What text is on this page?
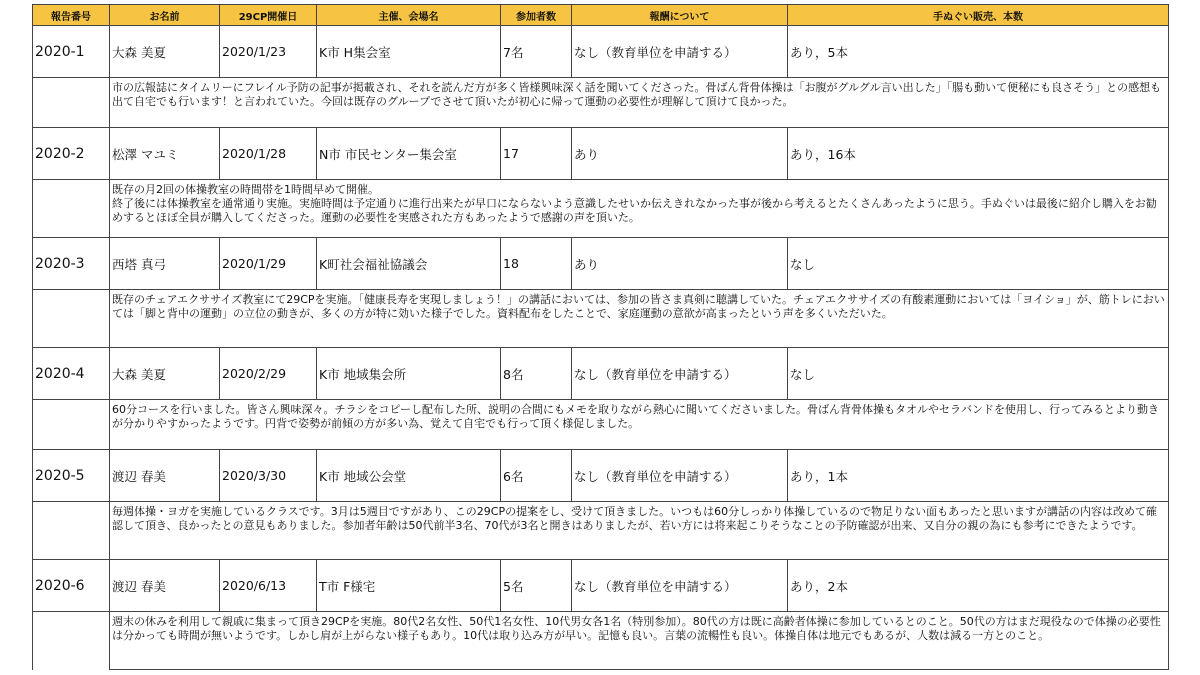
報告番号	お名前	29CP開催日	主催、会場名	参加者数	報酬について	手ぬぐい販売、本数
2020-1	大森 美夏	2020/1/23	K市 H集会室	7名	なし（教育単位を申請する）	あり，5本
	市の広報誌にタイムリーにフレイル予防の記事が掲載され、それを読んだ方が多く皆様興味深く話を聞いてくださった。骨ばん背骨体操は「お腹がグルグル言い出した」「腸も動いて便秘にも良さそう」との感想も出て自宅でも行います！と言われていた。今回は既存のグループでさせて頂いたが初心に帰って運動の必要性が理解して頂けて良かった。					
2020-2	松澤 マユミ	2020/1/28	N市 市民センター集会室	17	あり	あり，16本
	既存の月2回の体操教室の時間帯を1時間早めて開催。
終了後には体操教室を通常通り実施。実施時間は予定通りに進行出来たが早口にならないよう意識したせいか伝えきれなかった事が後から考えるとたくさんあったように思う。手ぬぐいは最後に紹介し購入をお勧めするとほぼ全員が購入してくださった。運動の必要性を実感された方もあったようで感謝の声を頂いた。					
2020-3	西塔 真弓	2020/1/29	K町社会福祉協議会	18	あり	なし
	既存のチェアエクササイズ教室にて29CPを実施。「健康長寿を実現しましょう！」の講話においては、参加の皆さま真剣に聴講していた。チェアエクササイズの有酸素運動においては「ヨイショ」が、筋トレにおいては「脚と背中の運動」の立位の動きが、多くの方が特に効いた様子でした。資料配布をしたことで、家庭運動の意欲が高まったという声を多くいただいた。					
2020-4	大森 美夏	2020/2/29	K市 地域集会所	8名	なし（教育単位を申請する）	なし
	60分コースを行いました。皆さん興味深々。チラシをコピーし配布した所、説明の合間にもメモを取りながら熱心に聞いてくださいました。骨ばん背骨体操もタオルやセラバンドを使用し、行ってみるとより動きが分かりやすかったようです。円背で姿勢が前傾の方が多い為、覚えて自宅でも行って頂く様促しました。					
2020-5	渡辺 春美	2020/3/30	K市 地域公会堂	6名	なし（教育単位を申請する）	あり，1本
	毎週体操・ヨガを実施しているクラスです。3月は5週目ですがあり、この29CPの提案をし、受けて頂きました。いつもは60分しっかり体操しているので物足りない面もあったと思いますが講話の内容は改めて確認して頂き、良かったとの意見もありました。参加者年齢は50代前半3名、70代が3名と開きはありましたが、若い方には将来起こりそうなことの予防確認が出来、又自分の親の為にも参考にできたようです。					
2020-6	渡辺 春美	2020/6/13	T市 F様宅	5名	なし（教育単位を申請する）	あり，2本
	週末の休みを利用して親戚に集まって頂き29CPを実施。80代2名女性、50代1名女性、10代男女各1名（特別参加）。80代の方は既に高齢者体操に参加しているとのこと。50代の方はまだ現役なので体操の必要性は分かっても時間が無いようです。しかし肩が上がらない様子もあり。10代は取り込み方が早い。記憶も良い。言葉の流暢性も良い。体操自体は地元でもあるが、人数は減る一方とのこと。					
